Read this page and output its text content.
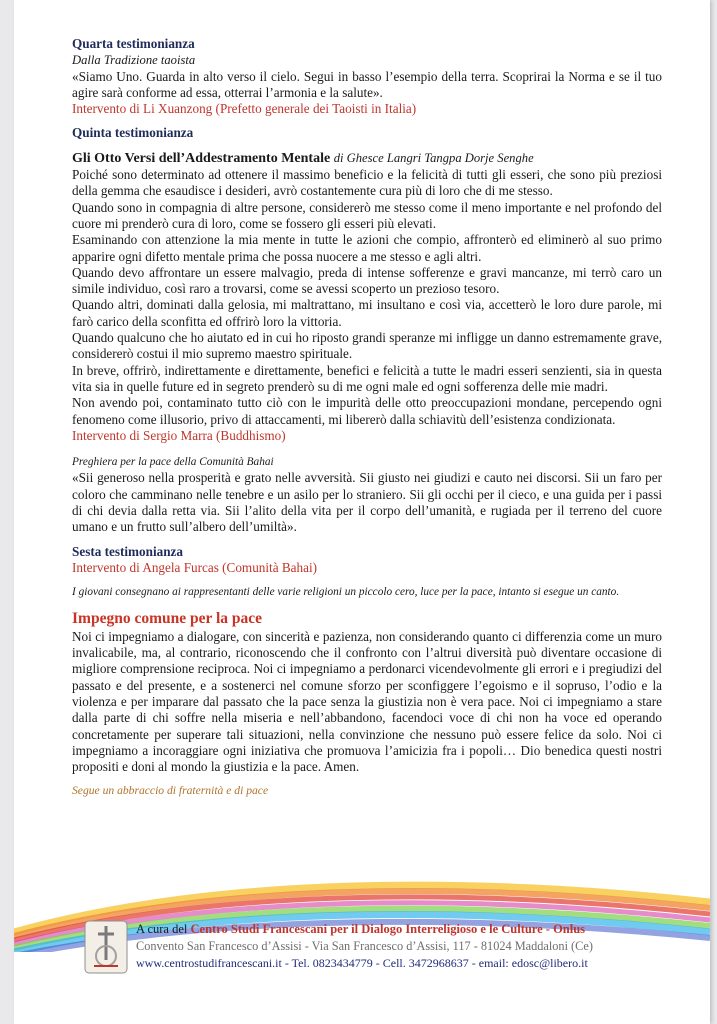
Quarta testimonianza

Dalla Tradizione taoista

«Siamo Uno. Guarda in alto verso il cielo. Segui in basso l’esempio della terra. Scoprirai la Norma e se il tuo agire sarà conforme ad essa, otterrai l’armonia e la salute».

Intervento di Li Xuanzong (Prefetto generale dei Taoisti in Italia)

Quinta testimonianza

Gli Otto Versi dell’Addestramento Mentale di Ghesce Langri Tangpa Dorje Senghe

Poiché sono determinato ad ottenere il massimo beneficio e la felicità di tutti gli esseri, che sono più preziosi della gemma che esaudisce i desideri, avrò costantemente cura più di loro che di me stesso.

Quando sono in compagnia di altre persone, considererò me stesso come il meno importante e nel profondo del cuore mi prenderò cura di loro, come se fossero gli esseri più elevati.

Esaminando con attenzione la mia mente in tutte le azioni che compio, affronterò ed eliminerò al suo primo apparire ogni difetto mentale prima che possa nuocere a me stesso e agli altri.

Quando devo affrontare un essere malvagio, preda di intense sofferenze e gravi mancanze, mi terrò caro un simile individuo, così raro a trovarsi, come se avessi scoperto un prezioso tesoro.

Quando altri, dominati dalla gelosia, mi maltrattano, mi insultano e così via, accetterò le loro dure parole, mi farò carico della sconfitta ed offrirò loro la vittoria.

Quando qualcuno che ho aiutato ed in cui ho riposto grandi speranze mi infligge un danno estremamente grave, considererò costui il mio supremo maestro spirituale.

In breve, offrirò, indirettamente e direttamente, benefici e felicità a tutte le madri esseri senzienti, sia in questa vita sia in quelle future ed in segreto prenderò su di me ogni male ed ogni sofferenza delle mie madri.

Non avendo poi, contaminato tutto ciò con le impurità delle otto preoccupazioni mondane, percependo ogni fenomeno come illusorio, privo di attaccamenti, mi libererò dalla schiavitù dell’esistenza condizionata.

Intervento di Sergio Marra (Buddhismo)

Preghiera per la pace della Comunità Bahai

«Sii generoso nella prosperità e grato nelle avversità. Sii giusto nei giudizi e cauto nei discorsi. Sii un faro per coloro che camminano nelle tenebre e un asilo per lo straniero. Sii gli occhi per il cieco, e una guida per i passi di chi devia dalla retta via. Sii l’alito della vita per il corpo dell’umanità, e rugiada per il terreno del cuore umano e un frutto sull’albero dell’umiltà».

Sesta testimonianza

Intervento di Angela Furcas (Comunità Bahai)

I giovani consegnano ai rappresentanti delle varie religioni un piccolo cero, luce per la pace, intanto si esegue un canto.

Impegno comune per la pace

Noi ci impegniamo a dialogare, con sincerità e pazienza, non considerando quanto ci differenzia come un muro invalicabile, ma, al contrario, riconoscendo che il confronto con l’altrui diversità può diventare occasione di migliore comprensione reciproca. Noi ci impegniamo a perdonarci vicendevolmente gli errori e i pregiudizi del passato e del presente, e a sostenerci nel comune sforzo per sconfiggere l’egoismo e il sopruso, l’odio e la violenza e per imparare dal passato che la pace senza la giustizia non è vera pace. Noi ci impegniamo a stare dalla parte di chi soffre nella miseria e nell’abbandono, facendoci voce di chi non ha voce ed operando concretamente per superare tali situazioni, nella convinzione che nessuno può essere felice da solo. Noi ci impegniamo a incoraggiare ogni iniziativa che promuova l’amicizia fra i popoli… Dio benedica questi nostri propositi e doni al mondo la giustizia e la pace. Amen.

Segue un abbraccio di fraternità e di pace

A cura del Centro Studi Francescani per il Dialogo Interreligioso e le Culture - Onlus
Convento San Francesco d’Assisi - Via San Francesco d’Assisi, 117 - 81024 Maddaloni (Ce)
www.centrostudifrancescani.it - Tel. 0823434779 - Cell. 3472968637 - email: edosc@libero.it
